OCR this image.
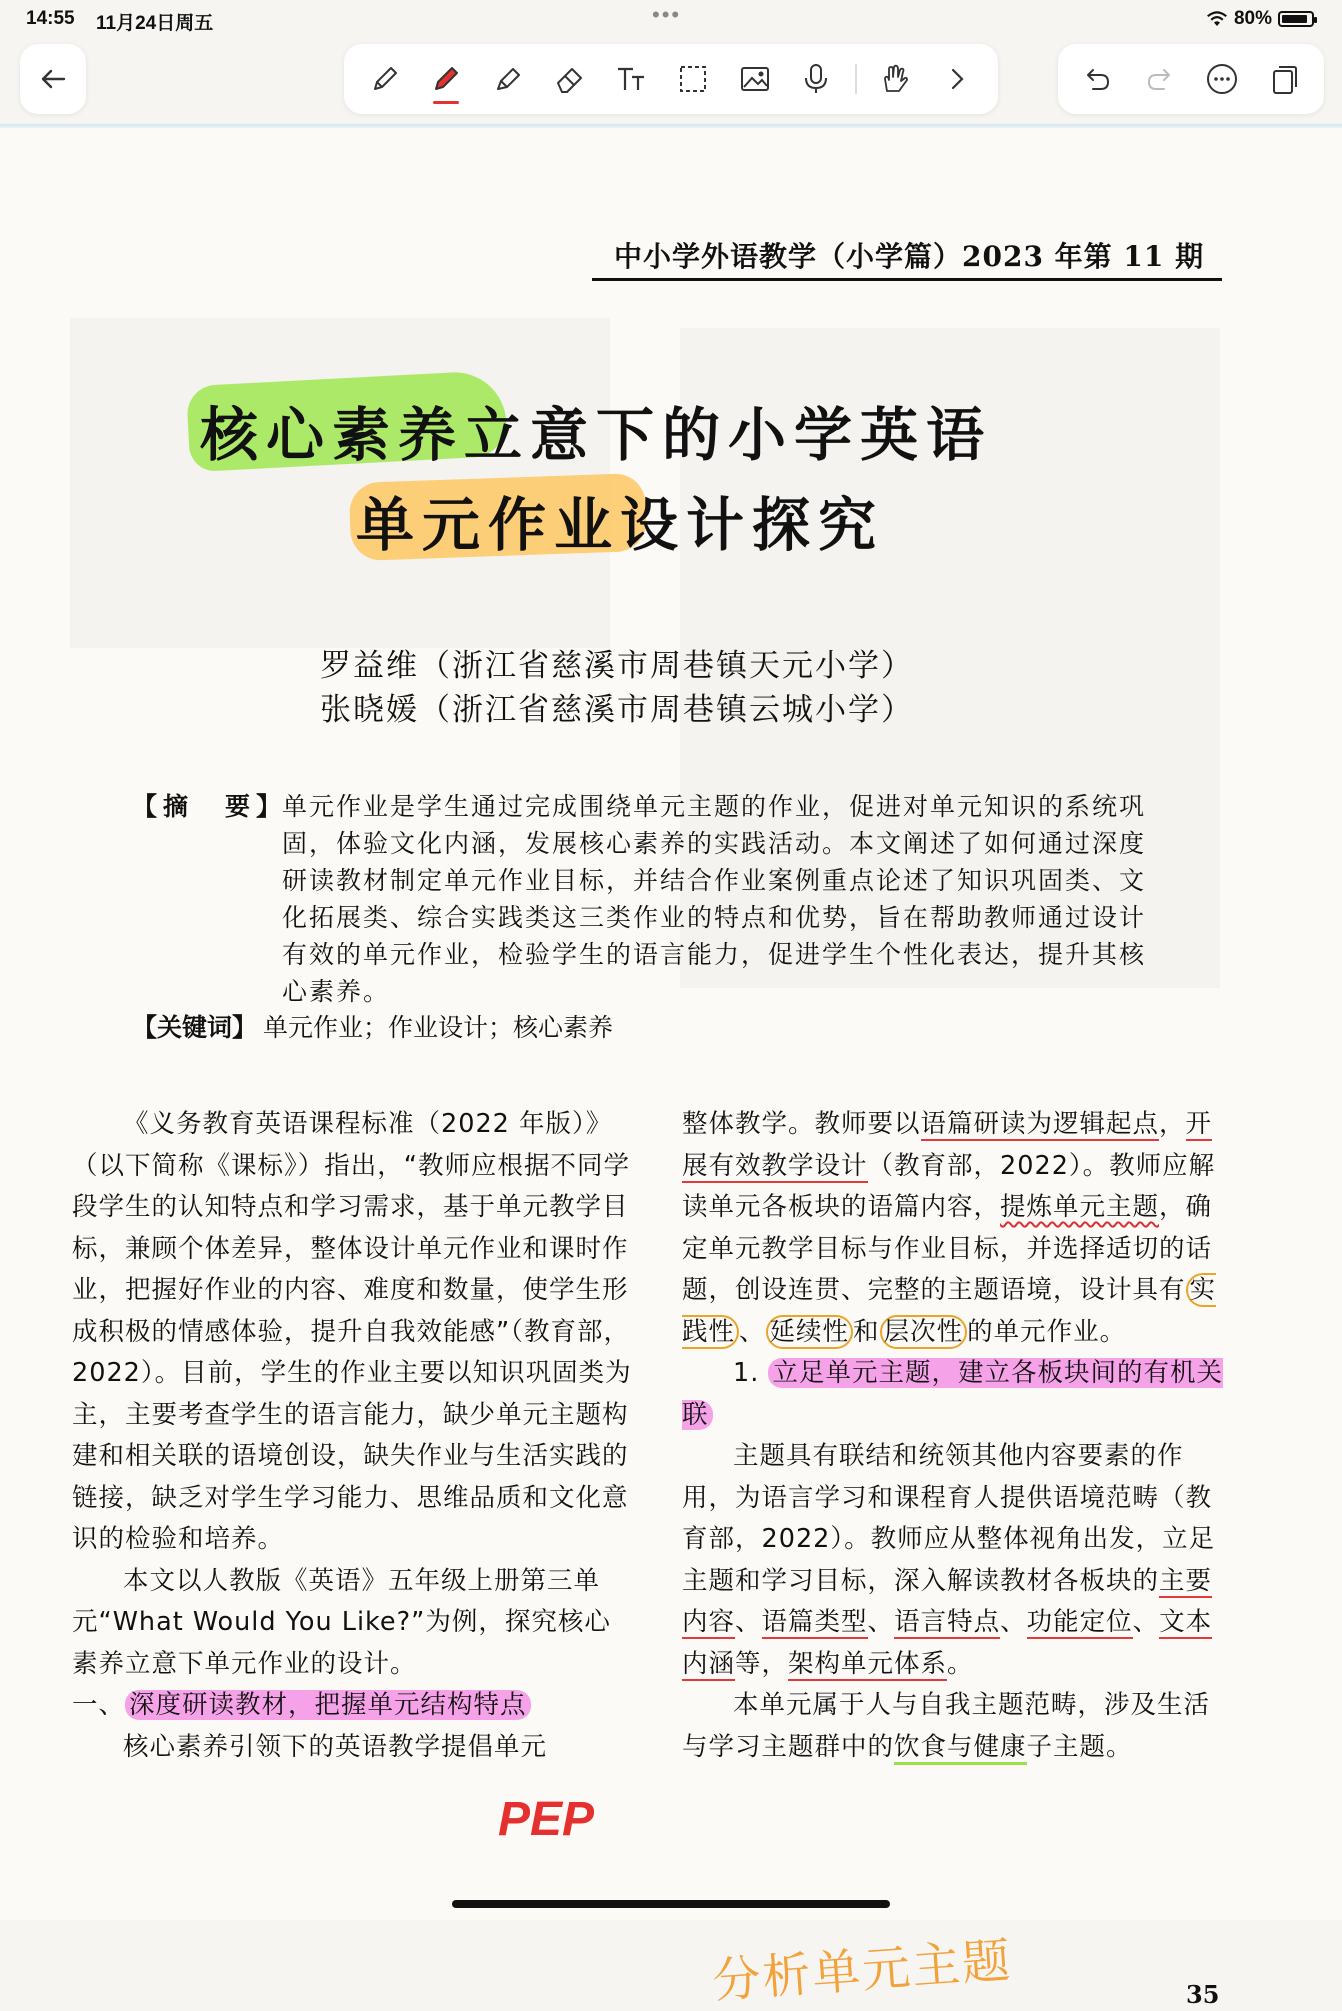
14:55 11月24日周五	•••	80%
中小学外语教学（小学篇）2023 年第 11 期
核心素养立意下的小学英语
单元作业设计探究
罗益维（浙江省慈溪市周巷镇天元小学）
张晓媛（浙江省慈溪市周巷镇云城小学）
【摘　要】
单元作业是学生通过完成围绕单元主题的作业，促进对单元知识的系统巩固，体验文化内涵，发展核心素养的实践活动。本文阐述了如何通过深度研读教材制定单元作业目标，并结合作业案例重点论述了知识巩固类、文化拓展类、综合实践类这三类作业的特点和优势，旨在帮助教师通过设计有效的单元作业，检验学生的语言能力，促进学生个性化表达，提升其核心素养。
【关键词】 单元作业；作业设计；核心素养

《义务教育英语课程标准（2022 年版）》（以下简称《课标》）指出，“教师应根据不同学段学生的认知特点和学习需求，基于单元教学目标，兼顾个体差异，整体设计单元作业和课时作业，把握好作业的内容、难度和数量，使学生形成积极的情感体验，提升自我效能感”（教育部，2022）。目前，学生的作业主要以知识巩固类为主，主要考查学生的语言能力，缺少单元主题构建和相关联的语境创设，缺失作业与生活实践的链接，缺乏对学生学习能力、思维品质和文化意识的检验和培养。

本文以人教版《英语》五年级上册第三单元“What Would You Like?”为例，探究核心素养立意下单元作业的设计。

一、 深度研读教材，把握单元结构特点

核心素养引领下的英语教学提倡单元

整体教学。教师要以语篇研读为逻辑起点，开展有效教学设计（教育部，2022）。教师应解读单元各板块的语篇内容，提炼单元主题，确定单元教学目标与作业目标，并选择适切的话题，创设连贯、完整的主题语境，设计具有 实践性 、 延续性 和 层次性 的单元作业。

1. 立足单元主题，建立各板块间的有机关联

主题具有联结和统领其他内容要素的作用，为语言学习和课程育人提供语境范畴（教育部，2022）。教师应从整体视角出发，立足主题和学习目标，深入解读教材各板块的主要内容、语篇类型、语言特点、功能定位、文本内涵等，架构单元体系。

本单元属于人与自我主题范畴，涉及生活与学习主题群中的饮食与健康子主题。

PEP
分析单元主题	35
